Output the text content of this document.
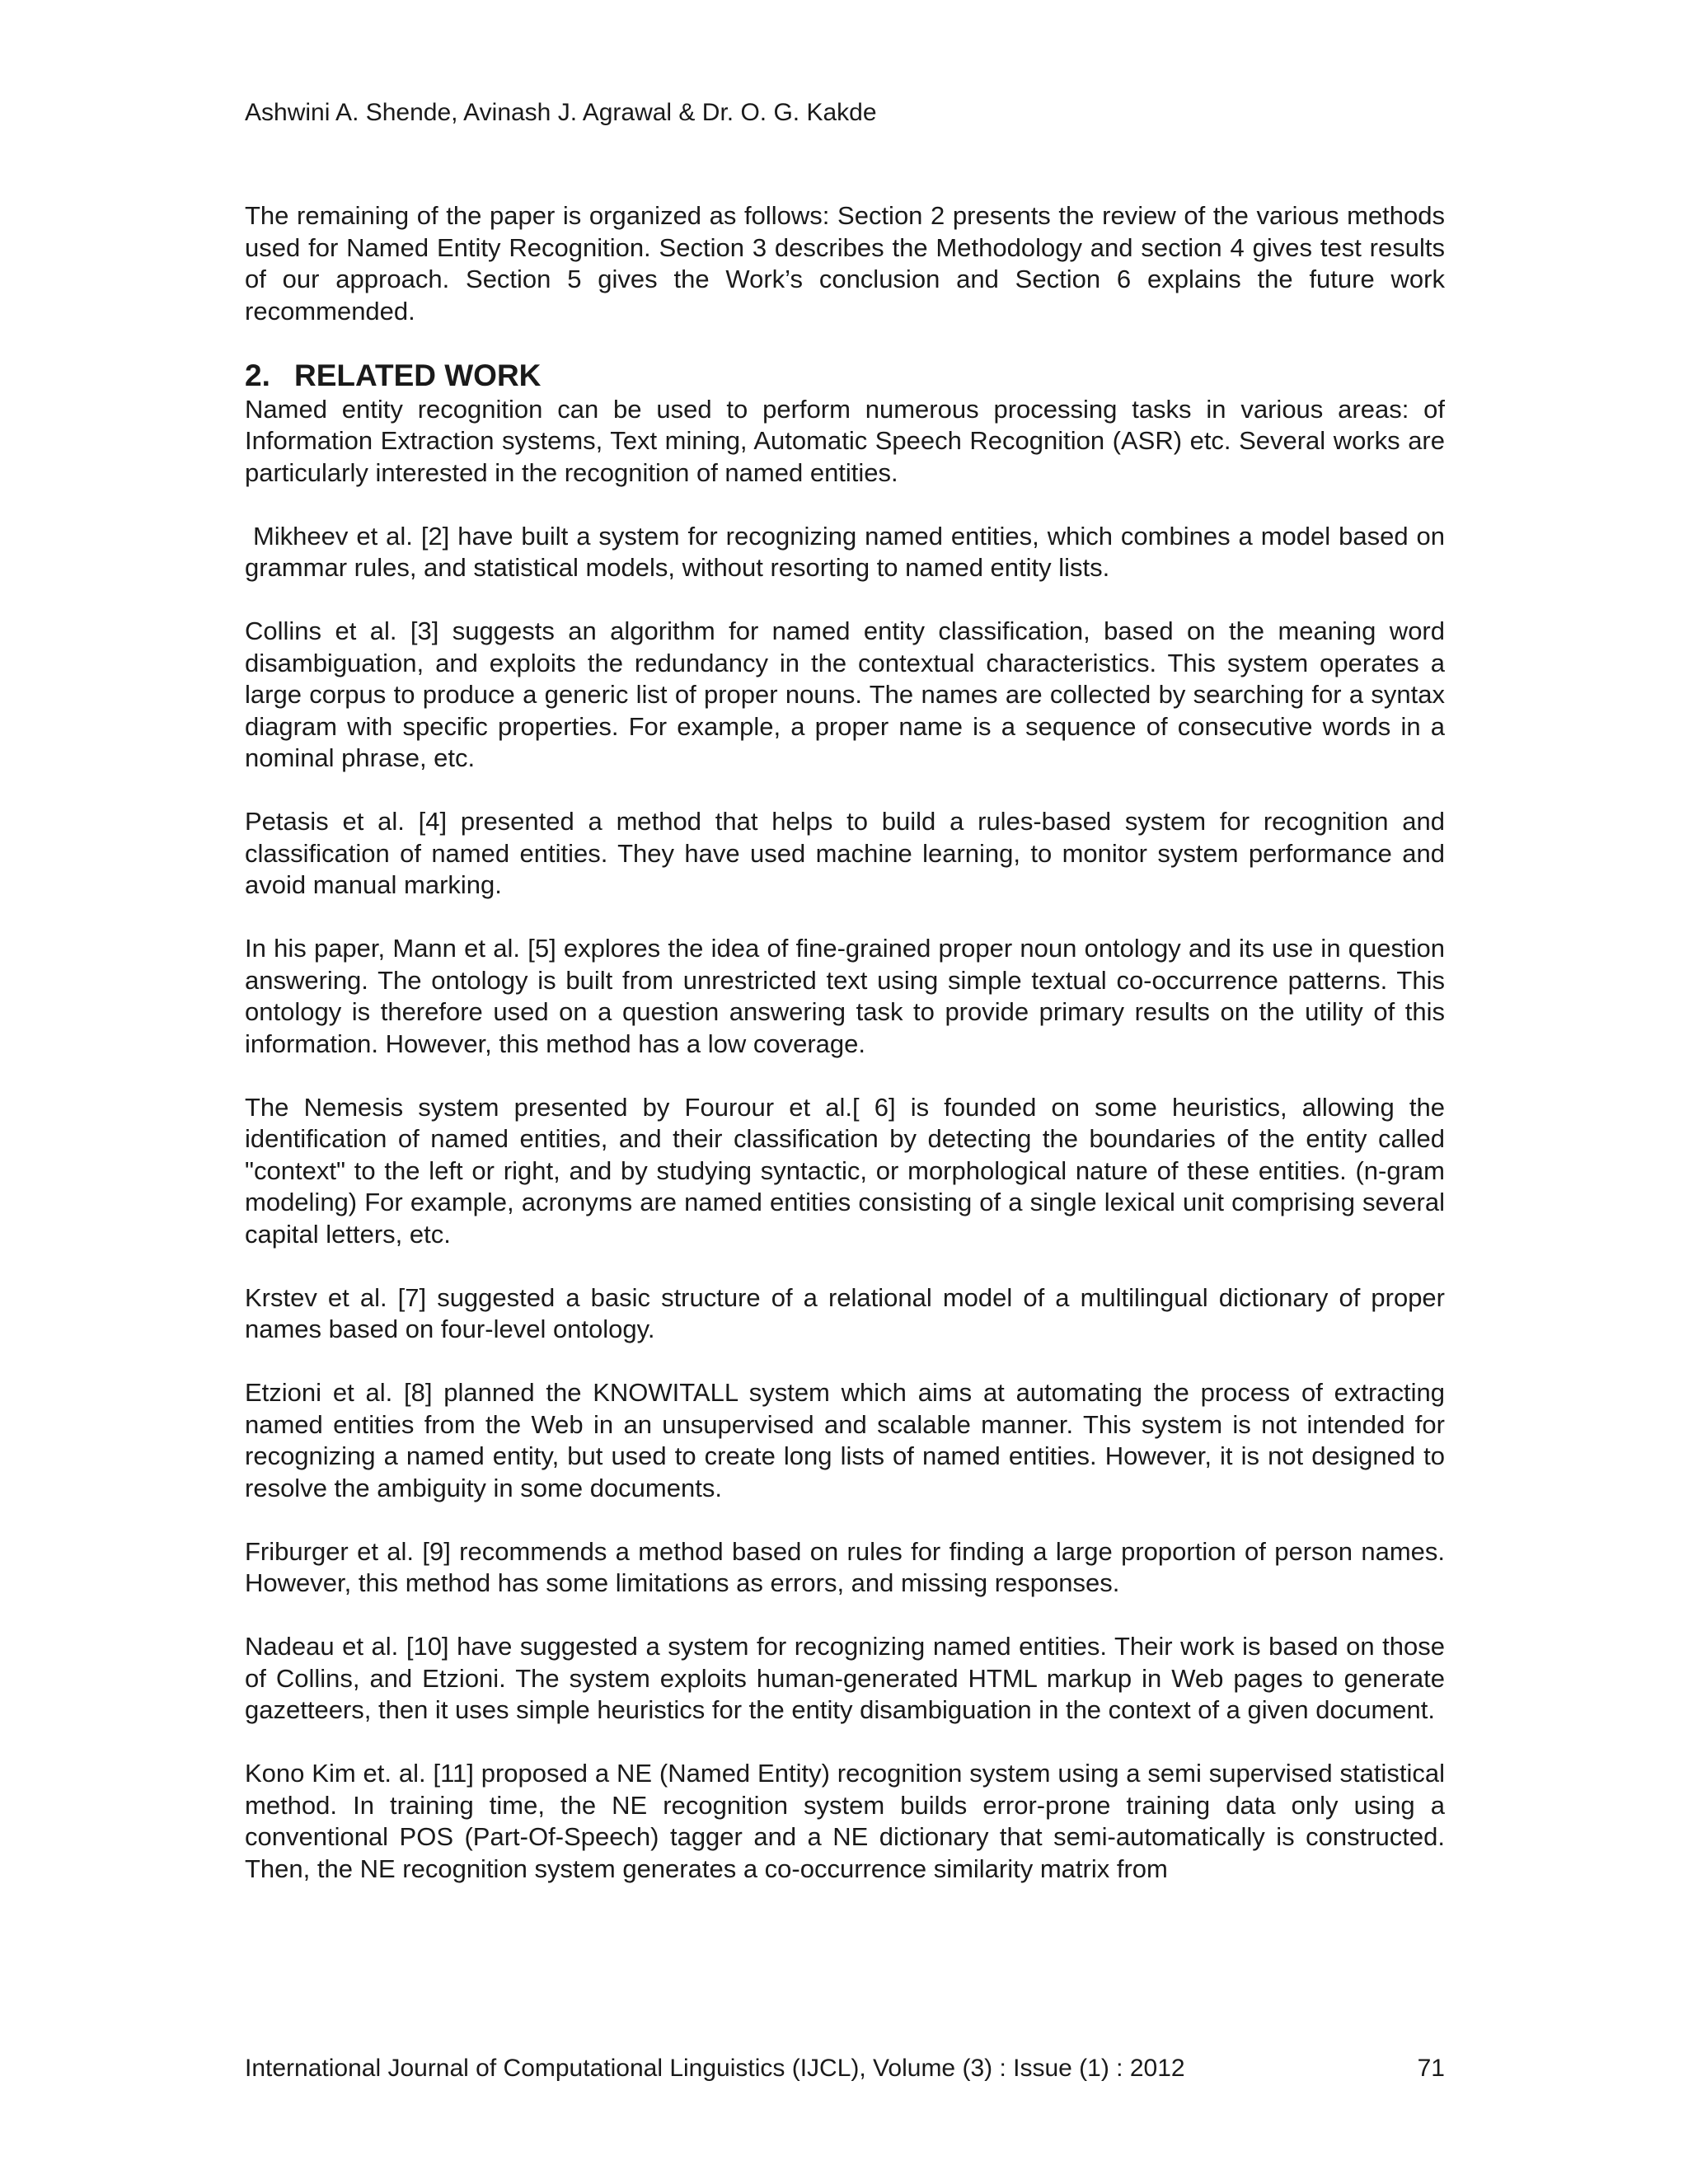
Ashwini A. Shende, Avinash J. Agrawal & Dr. O. G. Kakde

The remaining of the paper is organized as follows: Section 2 presents the review of the various methods used for Named Entity Recognition. Section 3 describes the Methodology and section 4 gives test results of our approach. Section 5 gives the Work’s conclusion and Section 6 explains the future work recommended.

2. RELATED WORK

Named entity recognition can be used to perform numerous processing tasks in various areas: of Information Extraction systems, Text mining, Automatic Speech Recognition (ASR) etc. Several works are particularly interested in the recognition of named entities.

Mikheev et al. [2] have built a system for recognizing named entities, which combines a model based on grammar rules, and statistical models, without resorting to named entity lists.

Collins et al. [3] suggests an algorithm for named entity classification, based on the meaning word disambiguation, and exploits the redundancy in the contextual characteristics. This system operates a large corpus to produce a generic list of proper nouns. The names are collected by searching for a syntax diagram with specific properties. For example, a proper name is a sequence of consecutive words in a nominal phrase, etc.

Petasis et al. [4] presented a method that helps to build a rules-based system for recognition and classification of named entities. They have used machine learning, to monitor system performance and avoid manual marking.

In his paper, Mann et al. [5] explores the idea of fine-grained proper noun ontology and its use in question answering. The ontology is built from unrestricted text using simple textual co-occurrence patterns. This ontology is therefore used on a question answering task to provide primary results on the utility of this information. However, this method has a low coverage.

The Nemesis system presented by Fourour et al.[ 6] is founded on some heuristics, allowing the identification of named entities, and their classification by detecting the boundaries of the entity called "context" to the left or right, and by studying syntactic, or morphological nature of these entities. (n-gram modeling) For example, acronyms are named entities consisting of a single lexical unit comprising several capital letters, etc.

Krstev et al. [7] suggested a basic structure of a relational model of a multilingual dictionary of proper names based on four-level ontology.

Etzioni et al. [8] planned the KNOWITALL system which aims at automating the process of extracting named entities from the Web in an unsupervised and scalable manner. This system is not intended for recognizing a named entity, but used to create long lists of named entities. However, it is not designed to resolve the ambiguity in some documents.

Friburger et al. [9] recommends a method based on rules for finding a large proportion of person names. However, this method has some limitations as errors, and missing responses.

Nadeau et al. [10] have suggested a system for recognizing named entities. Their work is based on those of Collins, and Etzioni. The system exploits human-generated HTML markup in Web pages to generate gazetteers, then it uses simple heuristics for the entity disambiguation in the context of a given document.

Kono Kim et. al. [11] proposed a NE (Named Entity) recognition system using a semi supervised statistical method. In training time, the NE recognition system builds error-prone training data only using a conventional POS (Part-Of-Speech) tagger and a NE dictionary that semi-automatically is constructed. Then, the NE recognition system generates a co-occurrence similarity matrix from

International Journal of Computational Linguistics (IJCL), Volume (3) : Issue (1) : 2012	71
